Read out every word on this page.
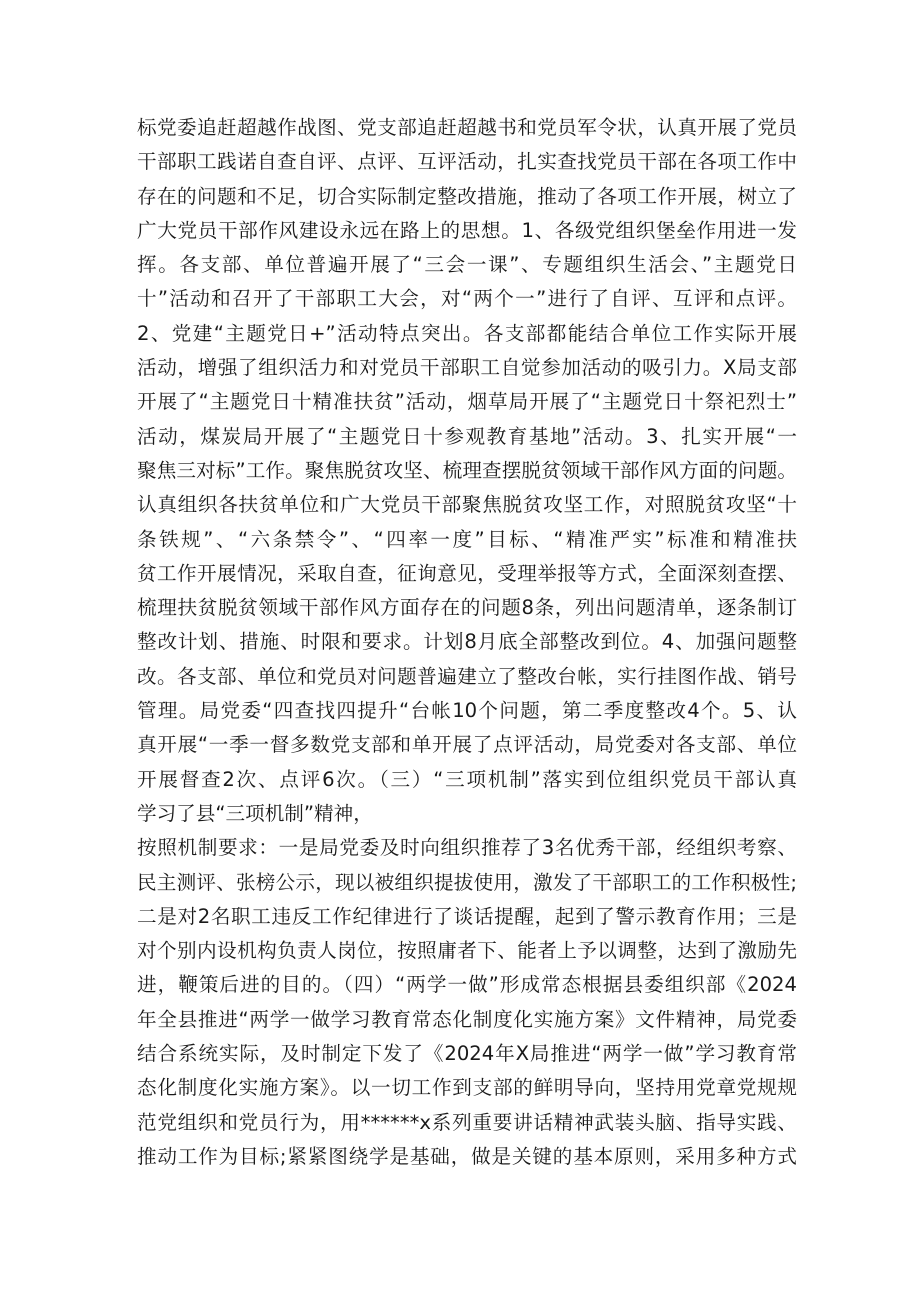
标党委追赶超越作战图、党支部追赶超越书和党员军令状，认真开展了党员
干部职工践诺自查自评、点评、互评活动，扎实查找党员干部在各项工作中
存在的问题和不足，切合实际制定整改措施，推动了各项工作开展，树立了
广大党员干部作风建设永远在路上的思想。1、各级党组织堡垒作用进一发
挥。各支部、单位普遍开展了“三会一课”、专题组织生活会、”主题党日
十”活动和召开了干部职工大会，对“两个一”进行了自评、互评和点评。
2、党建“主题党日+”活动特点突出。各支部都能结合单位工作实际开展
活动，增强了组织活力和对党员干部职工自觉参加活动的吸引力。X局支部
开展了“主题党日十精准扶贫”活动，烟草局开展了“主题党日十祭祀烈士”
活动，煤炭局开展了“主题党日十参观教育基地”活动。3、扎实开展“一
聚焦三对标”工作。聚焦脱贫攻坚、梳理查摆脱贫领域干部作风方面的问题。
认真组织各扶贫单位和广大党员干部聚焦脱贫攻坚工作，对照脱贫攻坚“十
条铁规”、“六条禁令”、“四率一度”目标、“精准严实”标准和精准扶
贫工作开展情况，采取自查，征询意见，受理举报等方式，全面深刻查摆、
梳理扶贫脱贫领域干部作风方面存在的问题8条，列出问题清单，逐条制订
整改计划、措施、时限和要求。计划8月底全部整改到位。4、加强问题整
改。各支部、单位和党员对问题普遍建立了整改台帐，实行挂图作战、销号
管理。局党委“四查找四提升“台帐10个问题，第二季度整改4个。5、认
真开展“一季一督多数党支部和单开展了点评活动，局党委对各支部、单位
开展督查2次、点评6次。（三）“三项机制”落实到位组织党员干部认真
学习了县“三项机制”精神，
按照机制要求：一是局党委及时向组织推荐了3名优秀干部，经组织考察、
民主测评、张榜公示，现以被组织提拔使用，激发了干部职工的工作积极性;
二是对2名职工违反工作纪律进行了谈话提醒，起到了警示教育作用；三是
对个别内设机构负责人岗位，按照庸者下、能者上予以调整，达到了激励先
进，鞭策后进的目的。（四）“两学一做”形成常态根据县委组织部《2024
年全县推进“两学一做学习教育常态化制度化实施方案》文件精神，局党委
结合系统实际，及时制定下发了《2024年X局推进“两学一做”学习教育常
态化制度化实施方案》。以一切工作到支部的鲜明导向，坚持用党章党规规
范党组织和党员行为，用******x系列重要讲话精神武装头脑、指导实践、
推动工作为目标;紧紧图绕学是基础，做是关键的基本原则，采用多种方式
